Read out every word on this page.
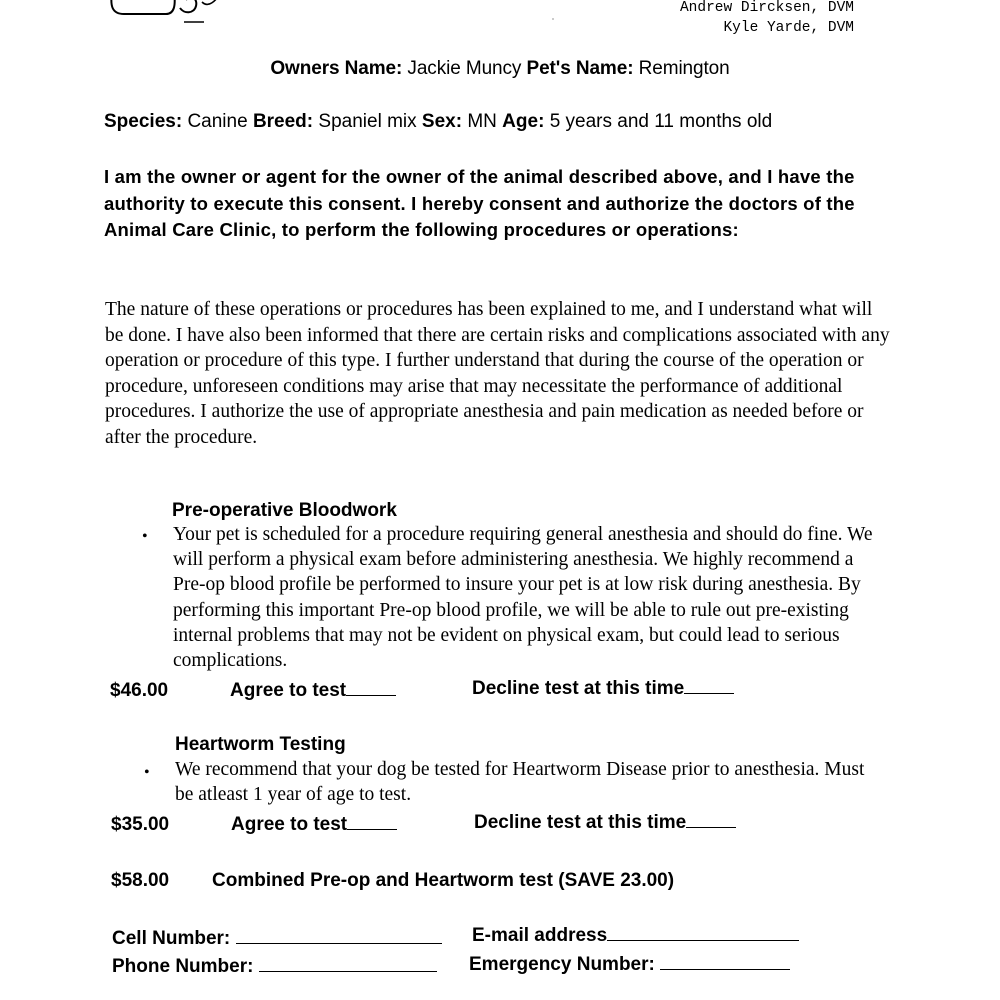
Andrew Dircksen, DVM
Kyle Yarde, DVM
Owners Name: Jackie Muncy Pet's Name: Remington
Species: Canine Breed: Spaniel mix Sex: MN Age: 5 years and 11 months old
I am the owner or agent for the owner of the animal described above, and I have the authority to execute this consent. I hereby consent and authorize the doctors of the Animal Care Clinic, to perform the following procedures or operations:
The nature of these operations or procedures has been explained to me, and I understand what will be done. I have also been informed that there are certain risks and complications associated with any operation or procedure of this type. I further understand that during the course of the operation or procedure, unforeseen conditions may arise that may necessitate the performance of additional procedures. I authorize the use of appropriate anesthesia and pain medication as needed before or after the procedure.
Pre-operative Bloodwork
• Your pet is scheduled for a procedure requiring general anesthesia and should do fine. We will perform a physical exam before administering anesthesia. We highly recommend a Pre-op blood profile be performed to insure your pet is at low risk during anesthesia. By performing this important Pre-op blood profile, we will be able to rule out pre-existing internal problems that may not be evident on physical exam, but could lead to serious complications.
$46.00	Agree to test	Decline test at this time
Heartworm Testing
• We recommend that your dog be tested for Heartworm Disease prior to anesthesia. Must be atleast 1 year of age to test.
$35.00	Agree to test	Decline test at this time
$58.00 Combined Pre-op and Heartworm test (SAVE 23.00)
Cell Number:	E-mail address
Phone Number:	Emergency Number:
